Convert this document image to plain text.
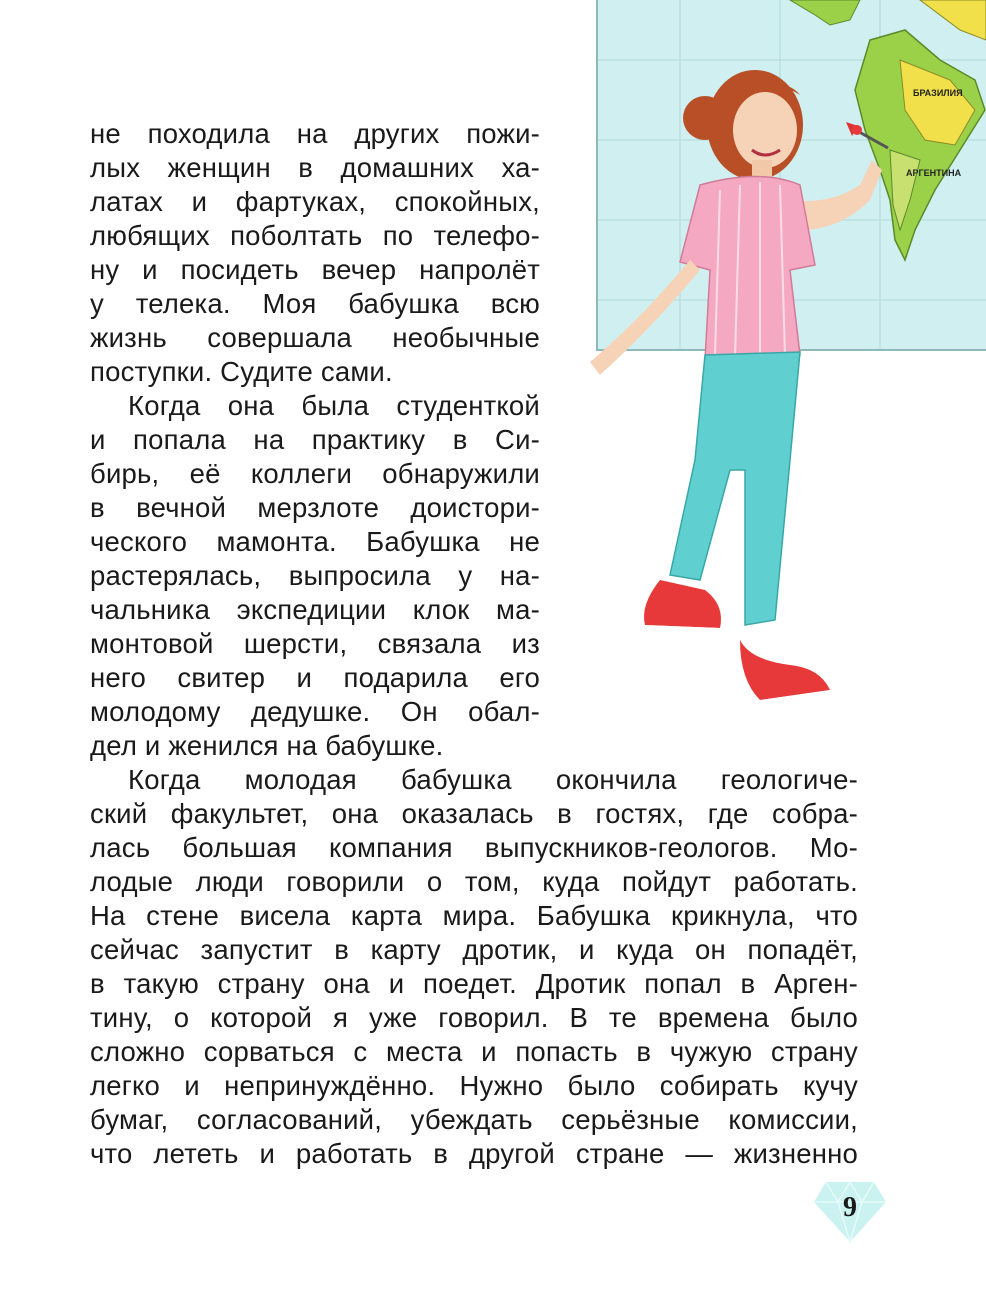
БРАЗИЛИЯ
АРГЕНТИНА
не походила на других пожи-
лых женщин в домашних ха-
латах и фартуках, спокойных,
любящих поболтать по телефо-
ну и посидеть вечер напролёт
у телека. Моя бабушка всю
жизнь совершала необычные
поступки. Судите сами.
Когда она была студенткой
и попала на практику в Си-
бирь, её коллеги обнаружили
в вечной мерзлоте доистори-
ческого мамонта. Бабушка не
растерялась, выпросила у на-
чальника экспедиции клок ма-
монтовой шерсти, связала из
него свитер и подарила его
молодому дедушке. Он обал-
дел и женился на бабушке.
Когда молодая бабушка окончила геологиче-
ский факультет, она оказалась в гостях, где собра-
лась большая компания выпускников-геологов. Мо-
лодые люди говорили о том, куда пойдут работать.
На стене висела карта мира. Бабушка крикнула, что
сейчас запустит в карту дротик, и куда он попадёт,
в такую страну она и поедет. Дротик попал в Арген-
тину, о которой я уже говорил. В те времена было
сложно сорваться с места и попасть в чужую страну
легко и непринуждённо. Нужно было собирать кучу
бумаг, согласований, убеждать серьёзные комиссии,
что лететь и работать в другой стране — жизненно
9
